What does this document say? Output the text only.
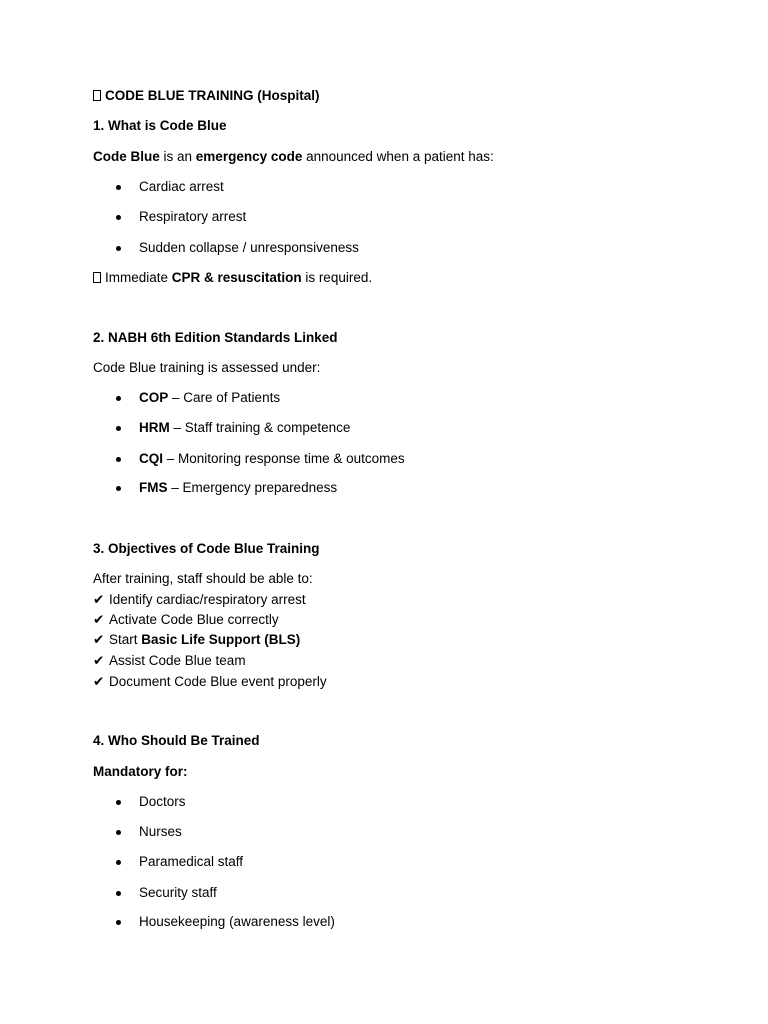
CODE BLUE TRAINING (Hospital)
1. What is Code Blue
Code Blue is an emergency code announced when a patient has:
Cardiac arrest
Respiratory arrest
Sudden collapse / unresponsiveness
Immediate CPR & resuscitation is required.
2. NABH 6th Edition Standards Linked
Code Blue training is assessed under:
COP – Care of Patients
HRM – Staff training & competence
CQI – Monitoring response time & outcomes
FMS – Emergency preparedness
3. Objectives of Code Blue Training
After training, staff should be able to:
✔ Identify cardiac/respiratory arrest
✔ Activate Code Blue correctly
✔ Start Basic Life Support (BLS)
✔ Assist Code Blue team
✔ Document Code Blue event properly
4. Who Should Be Trained
Mandatory for:
Doctors
Nurses
Paramedical staff
Security staff
Housekeeping (awareness level)
